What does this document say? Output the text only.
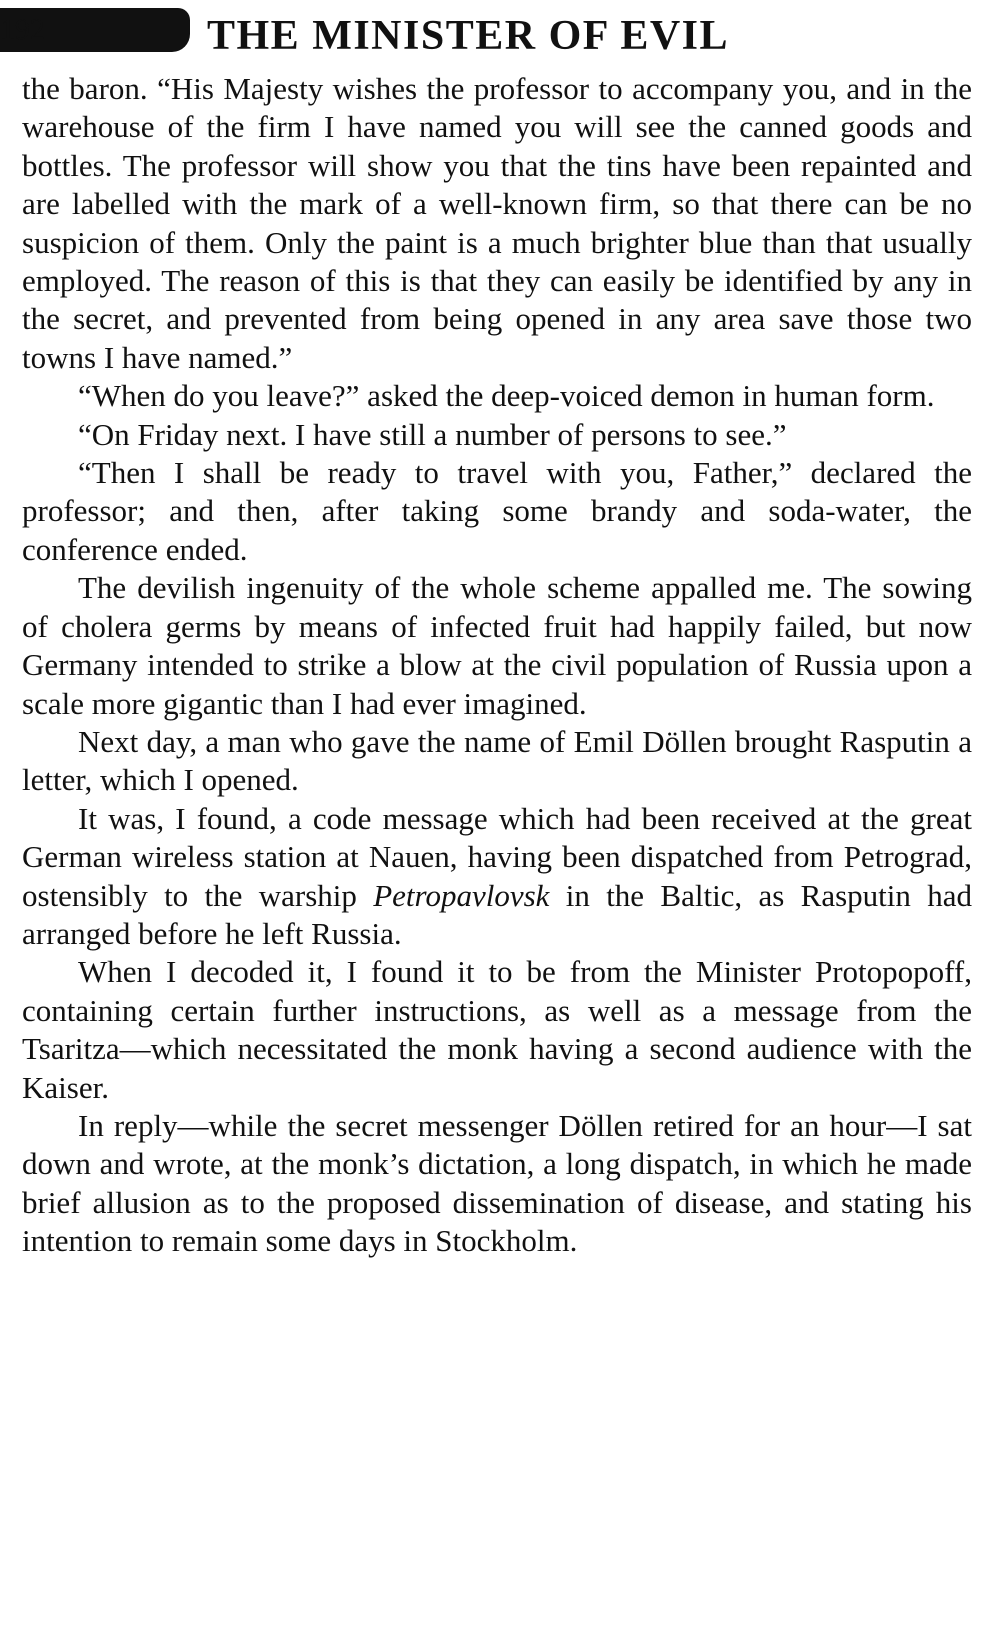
192	THE MINISTER OF EVIL

the baron. “His Majesty wishes the professor to accompany you, and in the warehouse of the firm I have named you will see the canned goods and bottles. The professor will show you that the tins have been repainted and are labelled with the mark of a well-known firm, so that there can be no suspicion of them. Only the paint is a much brighter blue than that usually employed. The reason of this is that they can easily be identified by any in the secret, and prevented from being opened in any area save those two towns I have named.”

“When do you leave?” asked the deep-voiced demon in human form.

“On Friday next. I have still a number of persons to see.”

“Then I shall be ready to travel with you, Father,” declared the professor; and then, after taking some brandy and soda-water, the conference ended.

The devilish ingenuity of the whole scheme appalled me. The sowing of cholera germs by means of infected fruit had happily failed, but now Germany intended to strike a blow at the civil population of Russia upon a scale more gigantic than I had ever imagined.

Next day, a man who gave the name of Emil Döllen brought Rasputin a letter, which I opened.

It was, I found, a code message which had been received at the great German wireless station at Nauen, having been dispatched from Petrograd, ostensibly to the warship Petropavlovsk in the Baltic, as Rasputin had arranged before he left Russia.

When I decoded it, I found it to be from the Minister Protopopoff, containing certain further instructions, as well as a message from the Tsaritza—which necessitated the monk having a second audience with the Kaiser.

In reply—while the secret messenger Döllen retired for an hour—I sat down and wrote, at the monk’s dictation, a long dispatch, in which he made brief allusion as to the proposed dissemination of disease, and stating his intention to remain some days in Stockholm.
